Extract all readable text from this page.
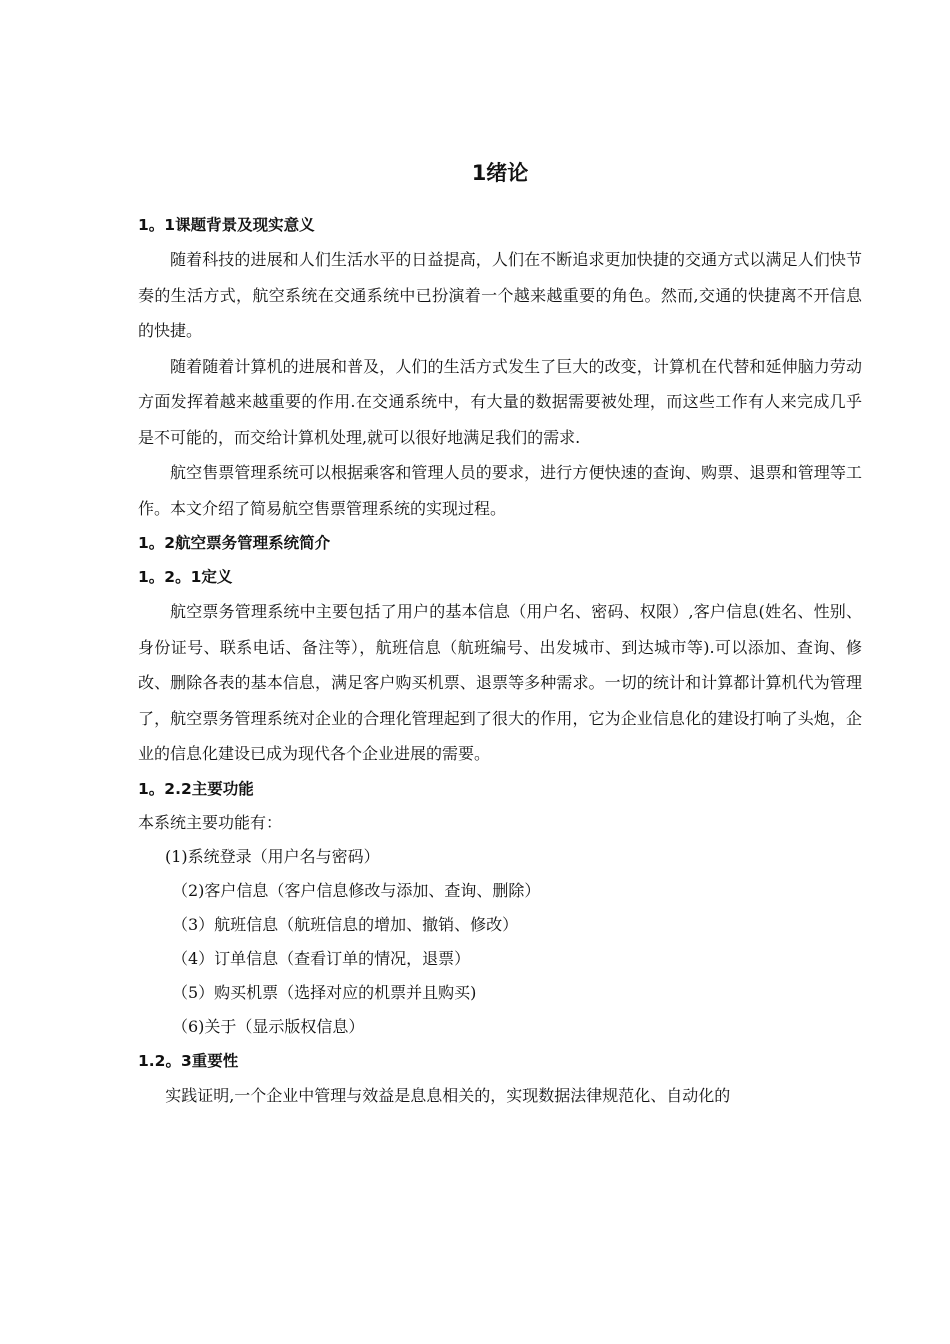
1绪论
1。1课题背景及现实意义

随着科技的进展和人们生活水平的日益提高，人们在不断追求更加快捷的交通方式以满足人们快节奏的生活方式，航空系统在交通系统中已扮演着一个越来越重要的角色。然而,交通的快捷离不开信息的快捷。

随着随着计算机的进展和普及，人们的生活方式发生了巨大的改变，计算机在代替和延伸脑力劳动方面发挥着越来越重要的作用.在交通系统中，有大量的数据需要被处理，而这些工作有人来完成几乎是不可能的，而交给计算机处理,就可以很好地满足我们的需求.

航空售票管理系统可以根据乘客和管理人员的要求，进行方便快速的查询、购票、退票和管理等工作。本文介绍了简易航空售票管理系统的实现过程。

1。2航空票务管理系统简介
1。2。1定义

航空票务管理系统中主要包括了用户的基本信息（用户名、密码、权限）,客户信息(姓名、性别、身份证号、联系电话、备注等），航班信息（航班编号、出发城市、到达城市等).可以添加、查询、修改、删除各表的基本信息，满足客户购买机票、退票等多种需求。一切的统计和计算都计算机代为管理了，航空票务管理系统对企业的合理化管理起到了很大的作用，它为企业信息化的建设打响了头炮，企业的信息化建设已成为现代各个企业进展的需要。

1。2.2主要功能

本系统主要功能有：

(1)系统登录（用户名与密码）
（2)客户信息（客户信息修改与添加、查询、删除）
（3）航班信息（航班信息的增加、撤销、修改）
（4）订单信息（查看订单的情况，退票）
（5）购买机票（选择对应的机票并且购买)
（6)关于（显示版权信息）
1.2。3重要性

实践证明,一个企业中管理与效益是息息相关的，实现数据法律规范化、自动化的
